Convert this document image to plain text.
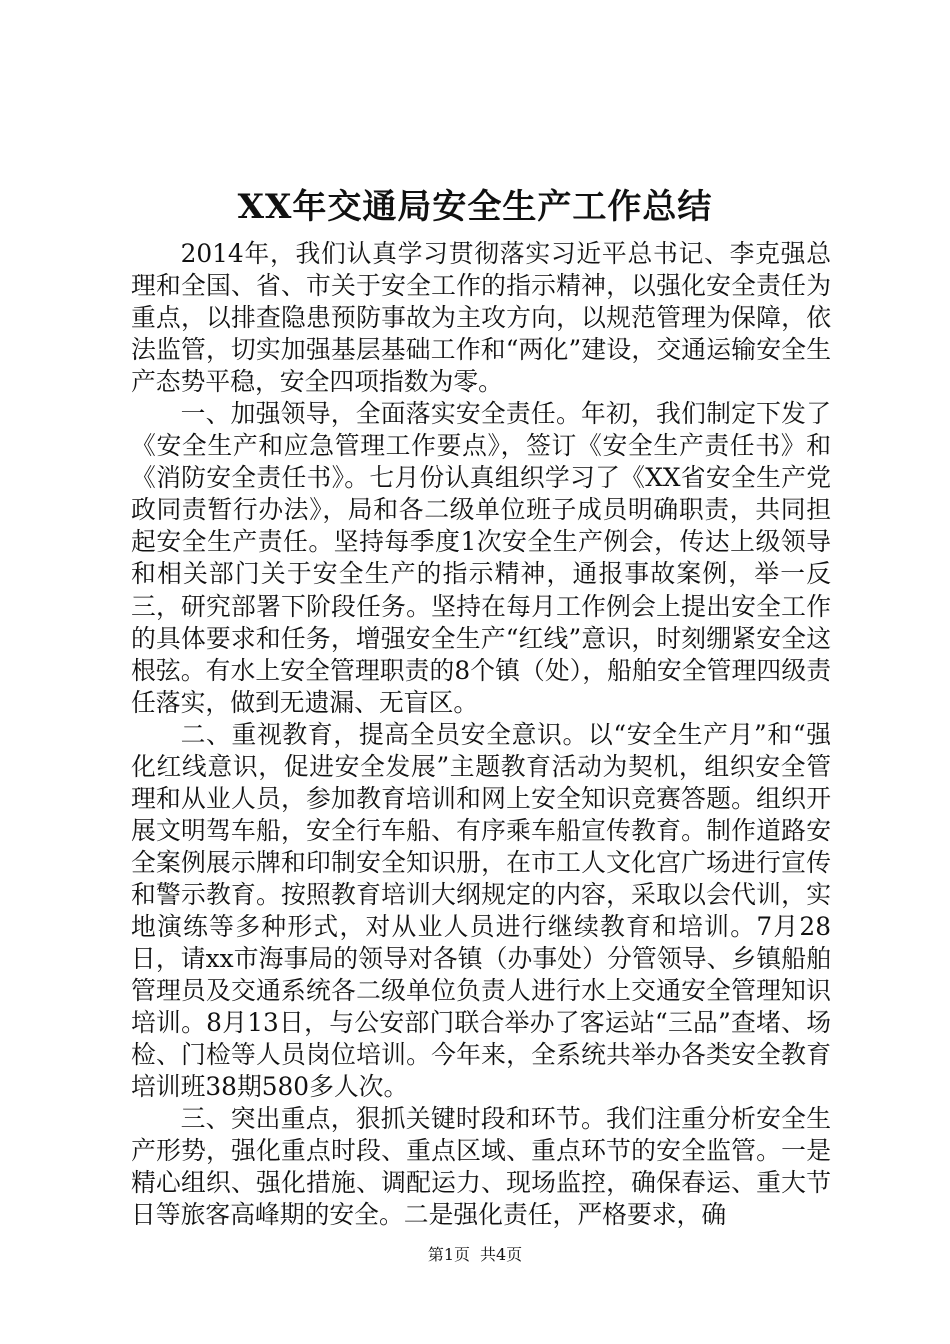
XX年交通局安全生产工作总结

2014年，我们认真学习贯彻落实习近平总书记、李克强总理和全国、省、市关于安全工作的指示精神，以强化安全责任为重点，以排查隐患预防事故为主攻方向，以规范管理为保障，依法监管，切实加强基层基础工作和“两化”建设，交通运输安全生产态势平稳，安全四项指数为零。

一、加强领导，全面落实安全责任。年初，我们制定下发了《安全生产和应急管理工作要点》，签订《安全生产责任书》和《消防安全责任书》。七月份认真组织学习了《XX省安全生产党政同责暂行办法》，局和各二级单位班子成员明确职责，共同担起安全生产责任。坚持每季度1次安全生产例会，传达上级领导和相关部门关于安全生产的指示精神，通报事故案例，举一反三，研究部署下阶段任务。坚持在每月工作例会上提出安全工作的具体要求和任务，增强安全生产“红线”意识，时刻绷紧安全这根弦。有水上安全管理职责的8个镇（处），船舶安全管理四级责任落实，做到无遗漏、无盲区。

二、重视教育，提高全员安全意识。以“安全生产月”和“强化红线意识，促进安全发展”主题教育活动为契机，组织安全管理和从业人员，参加教育培训和网上安全知识竞赛答题。组织开展文明驾车船，安全行车船、有序乘车船宣传教育。制作道路安全案例展示牌和印制安全知识册，在市工人文化宫广场进行宣传和警示教育。按照教育培训大纲规定的内容，采取以会代训，实地演练等多种形式，对从业人员进行继续教育和培训。7月28日，请xx市海事局的领导对各镇（办事处）分管领导、乡镇船舶管理员及交通系统各二级单位负责人进行水上交通安全管理知识培训。8月13日，与公安部门联合举办了客运站“三品”查堵、场检、门检等人员岗位培训。今年来，全系统共举办各类安全教育培训班38期580多人次。

三、突出重点，狠抓关键时段和环节。我们注重分析安全生产形势，强化重点时段、重点区域、重点环节的安全监管。一是精心组织、强化措施、调配运力、现场监控，确保春运、重大节日等旅客高峰期的安全。二是强化责任，严格要求，确

第1页 共4页
